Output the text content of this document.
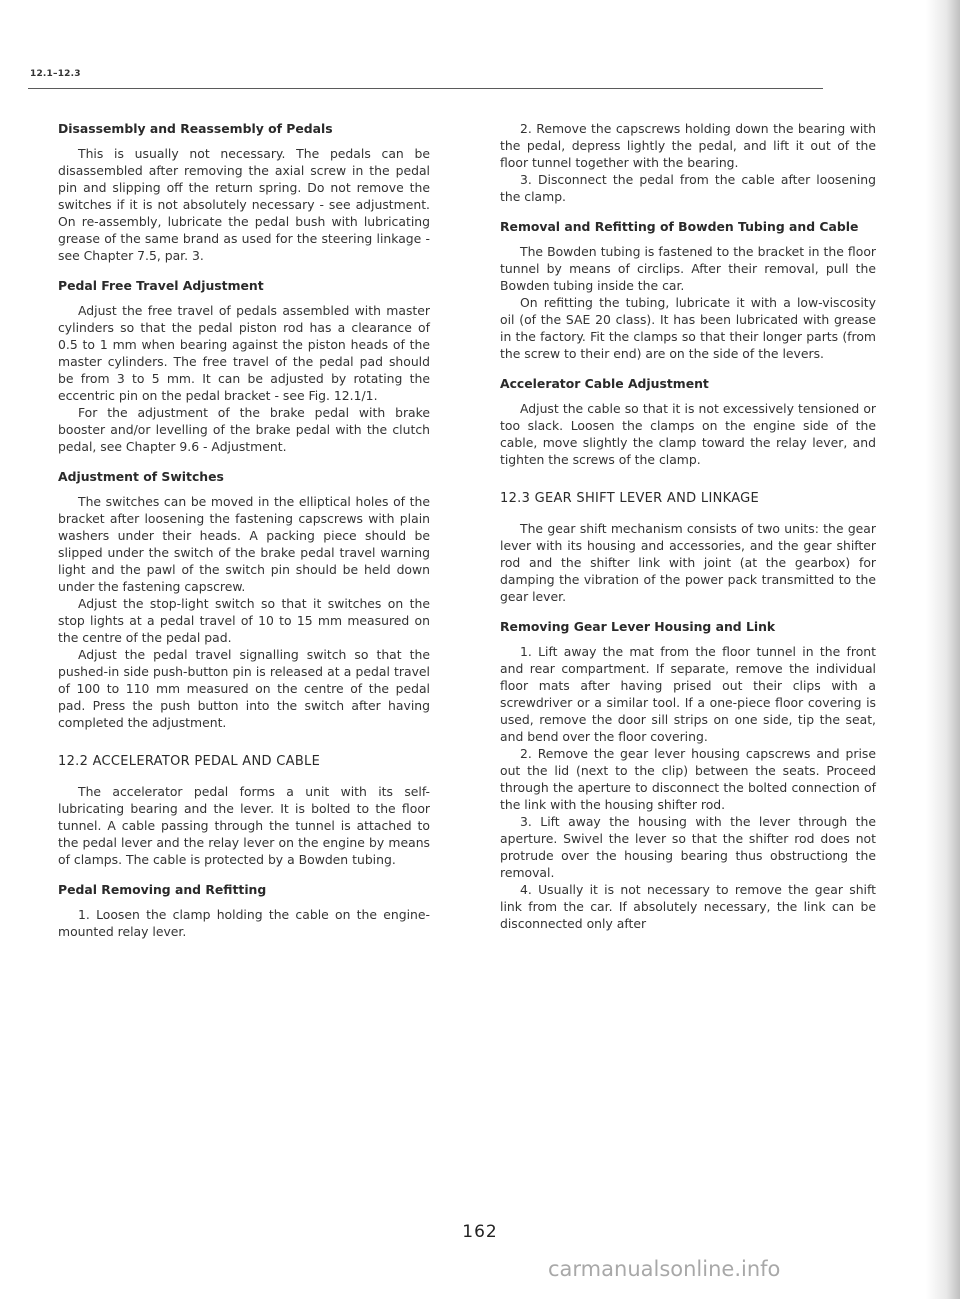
12.1–12.3
Disassembly and Reassembly of Pedals

This is usually not necessary. The pedals can be disassembled after removing the axial screw in the pedal pin and slipping off the return spring. Do not remove the switches if it is not absolutely necessary - see adjustment. On re-assembly, lubricate the pedal bush with lubricating grease of the same brand as used for the steering linkage - see Chapter 7.5, par. 3.

Pedal Free Travel Adjustment

Adjust the free travel of pedals assembled with master cylinders so that the pedal piston rod has a clearance of 0.5 to 1 mm when bearing against the piston heads of the master cylinders. The free travel of the pedal pad should be from 3 to 5 mm. It can be adjusted by rotating the eccentric pin on the pedal bracket - see Fig. 12.1/1.

For the adjustment of the brake pedal with brake booster and/or levelling of the brake pedal with the clutch pedal, see Chapter 9.6 - Adjustment.

Adjustment of Switches

The switches can be moved in the elliptical holes of the bracket after loosening the fastening capscrews with plain washers under their heads. A packing piece should be slipped under the switch of the brake pedal travel warning light and the pawl of the switch pin should be held down under the fastening capscrew.

Adjust the stop-light switch so that it switches on the stop lights at a pedal travel of 10 to 15 mm measured on the centre of the pedal pad.

Adjust the pedal travel signalling switch so that the pushed-in side push-button pin is released at a pedal travel of 100 to 110 mm measured on the centre of the pedal pad. Press the push button into the switch after having completed the adjustment.

12.2 ACCELERATOR PEDAL AND CABLE

The accelerator pedal forms a unit with its self-lubricating bearing and the lever. It is bolted to the floor tunnel. A cable passing through the tunnel is attached to the pedal lever and the relay lever on the engine by means of clamps. The cable is protected by a Bowden tubing.

Pedal Removing and Refitting

1. Loosen the clamp holding the cable on the engine-mounted relay lever.

2. Remove the capscrews holding down the bearing with the pedal, depress lightly the pedal, and lift it out of the floor tunnel together with the bearing.

3. Disconnect the pedal from the cable after loosening the clamp.

Removal and Refitting of Bowden Tubing and Cable

The Bowden tubing is fastened to the bracket in the floor tunnel by means of circlips. After their removal, pull the Bowden tubing inside the car.

On refitting the tubing, lubricate it with a low-viscosity oil (of the SAE 20 class). It has been lubricated with grease in the factory. Fit the clamps so that their longer parts (from the screw to their end) are on the side of the levers.

Accelerator Cable Adjustment

Adjust the cable so that it is not excessively tensioned or too slack. Loosen the clamps on the engine side of the cable, move slightly the clamp toward the relay lever, and tighten the screws of the clamp.

12.3 GEAR SHIFT LEVER AND LINKAGE

The gear shift mechanism consists of two units: the gear lever with its housing and accessories, and the gear shifter rod and the shifter link with joint (at the gearbox) for damping the vibration of the power pack transmitted to the gear lever.

Removing Gear Lever Housing and Link

1. Lift away the mat from the floor tunnel in the front and rear compartment. If separate, remove the individual floor mats after having prised out their clips with a screwdriver or a similar tool. If a one-piece floor covering is used, remove the door sill strips on one side, tip the seat, and bend over the floor covering.

2. Remove the gear lever housing capscrews and prise out the lid (next to the clip) between the seats. Proceed through the aperture to disconnect the bolted connection of the link with the housing shifter rod.

3. Lift away the housing with the lever through the aperture. Swivel the lever so that the shifter rod does not protrude over the housing bearing thus obstructiong the removal.

4. Usually it is not necessary to remove the gear shift link from the car. If absolutely necessary, the link can be disconnected only after

162
carmanualsonline.info
